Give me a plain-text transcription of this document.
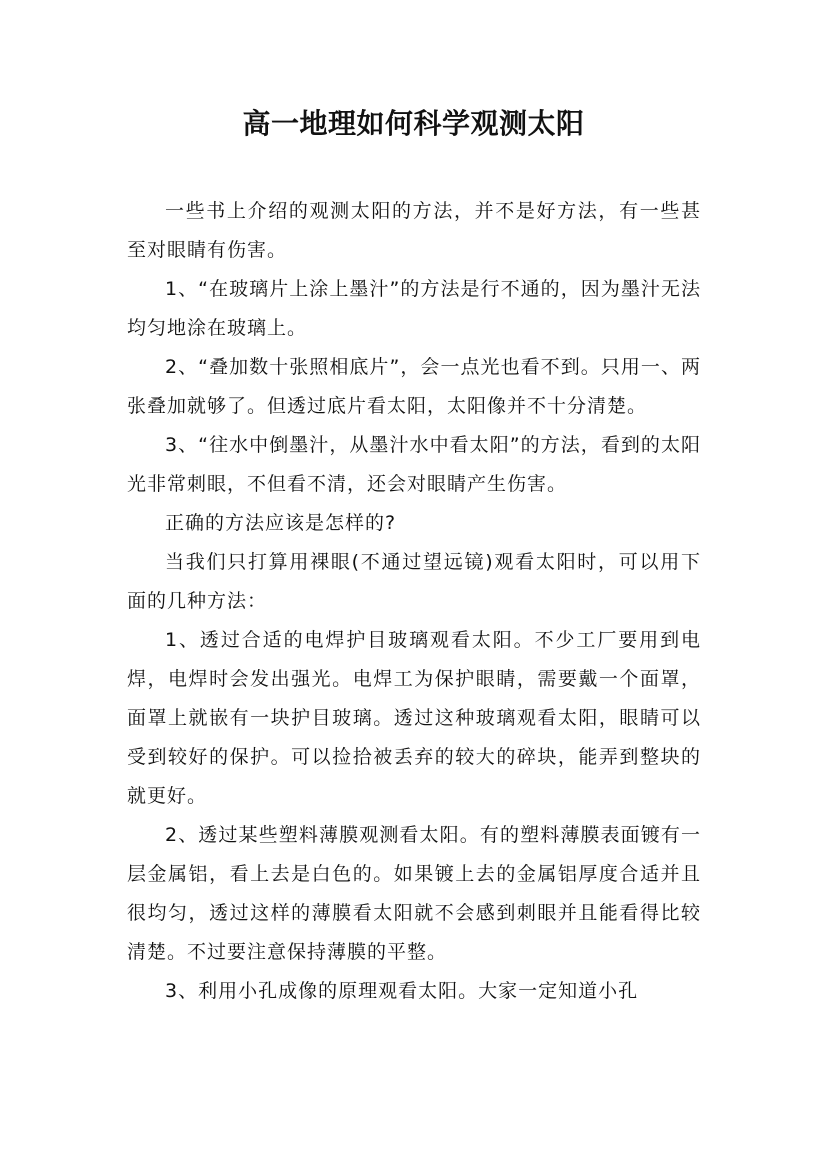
高一地理如何科学观测太阳

一些书上介绍的观测太阳的方法，并不是好方法，有一些甚至对眼睛有伤害。

1、“在玻璃片上涂上墨汁”的方法是行不通的，因为墨汁无法均匀地涂在玻璃上。

2、“叠加数十张照相底片”，会一点光也看不到。只用一、两张叠加就够了。但透过底片看太阳，太阳像并不十分清楚。

3、“往水中倒墨汁，从墨汁水中看太阳”的方法，看到的太阳光非常刺眼，不但看不清，还会对眼睛产生伤害。

正确的方法应该是怎样的?

当我们只打算用裸眼(不通过望远镜)观看太阳时，可以用下面的几种方法：

1、透过合适的电焊护目玻璃观看太阳。不少工厂要用到电焊，电焊时会发出强光。电焊工为保护眼睛，需要戴一个面罩，面罩上就嵌有一块护目玻璃。透过这种玻璃观看太阳，眼睛可以受到较好的保护。可以捡拾被丢弃的较大的碎块，能弄到整块的就更好。

2、透过某些塑料薄膜观测看太阳。有的塑料薄膜表面镀有一层金属铝，看上去是白色的。如果镀上去的金属铝厚度合适并且很均匀，透过这样的薄膜看太阳就不会感到刺眼并且能看得比较清楚。不过要注意保持薄膜的平整。

3、利用小孔成像的原理观看太阳。大家一定知道小孔
